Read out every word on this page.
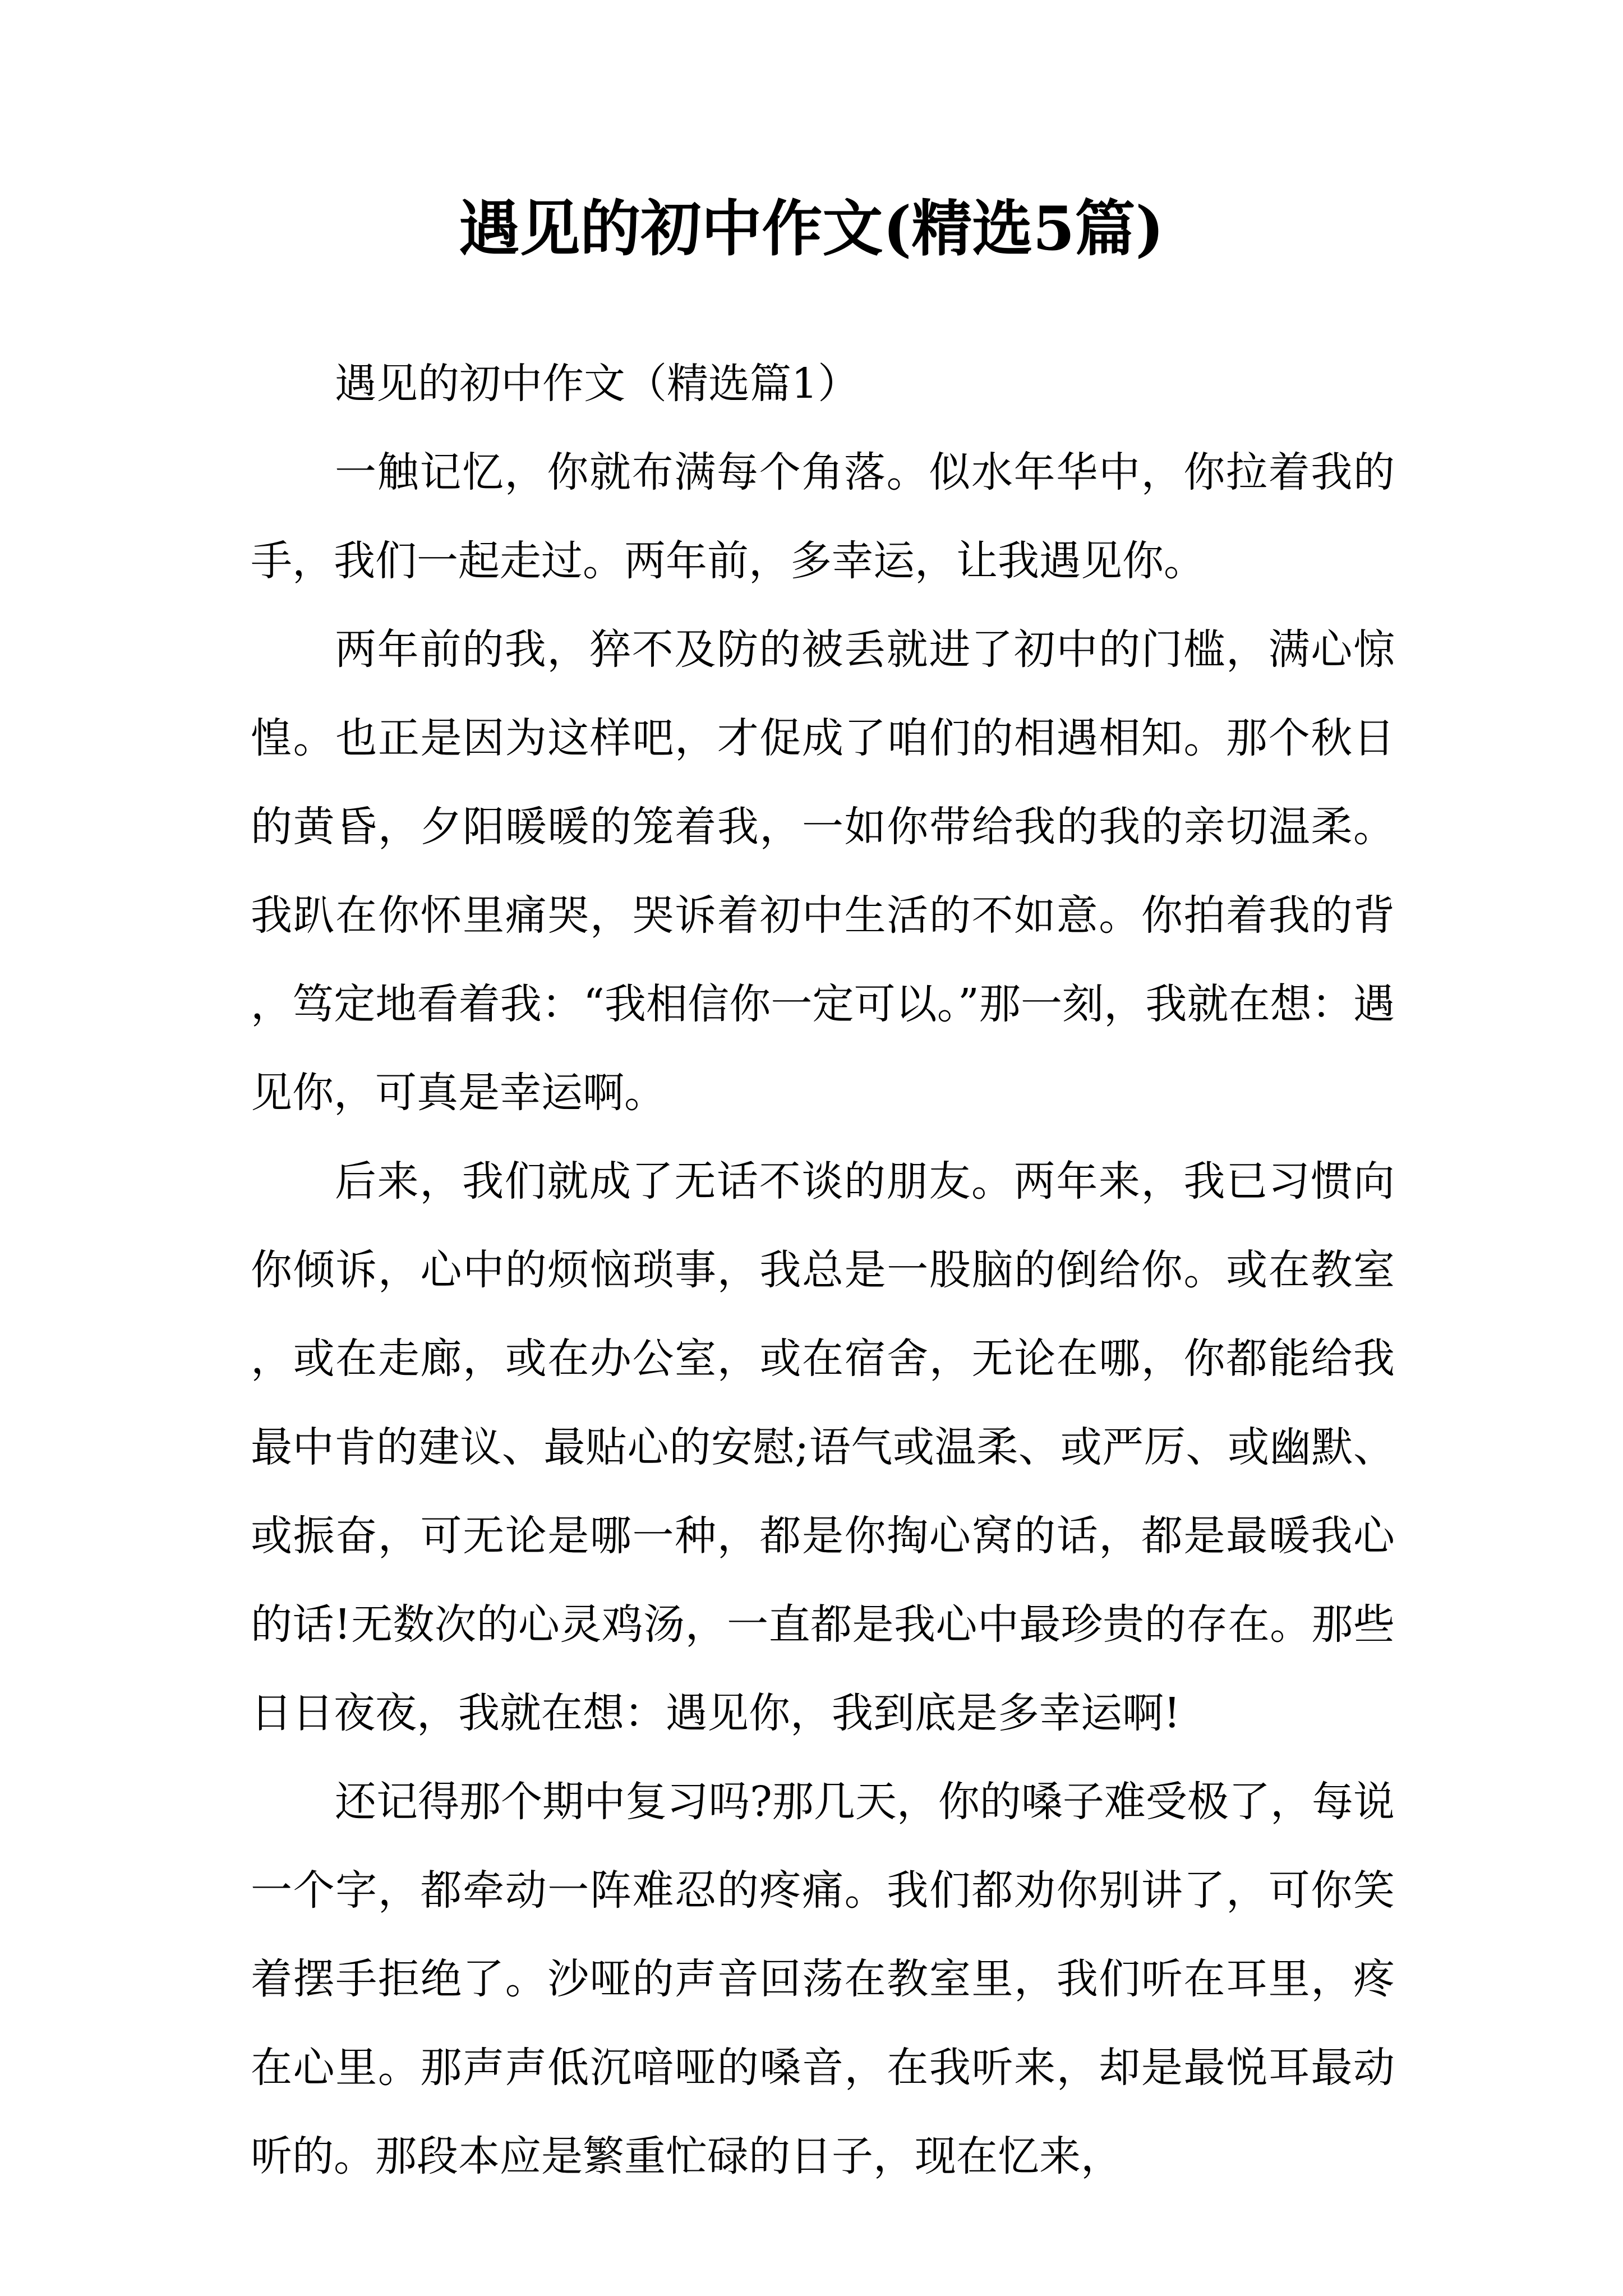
遇见的初中作文(精选5篇)

遇见的初中作文（精选篇1）

一触记忆，你就布满每个角落。似水年华中，你拉着我的手，我们一起走过。两年前，多幸运，让我遇见你。

两年前的我，猝不及防的被丢就进了初中的门槛，满心惊惶。也正是因为这样吧，才促成了咱们的相遇相知。那个秋日的黄昏，夕阳暖暖的笼着我，一如你带给我的我的亲切温柔。我趴在你怀里痛哭，哭诉着初中生活的不如意。你拍着我的背，笃定地看着我：“我相信你一定可以。”那一刻，我就在想：遇见你，可真是幸运啊。

后来，我们就成了无话不谈的朋友。两年来，我已习惯向你倾诉，心中的烦恼琐事，我总是一股脑的倒给你。或在教室，或在走廊，或在办公室，或在宿舍，无论在哪，你都能给我最中肯的建议、最贴心的安慰;语气或温柔、或严厉、或幽默、或振奋，可无论是哪一种，都是你掏心窝的话，都是最暖我心的话!无数次的心灵鸡汤，一直都是我心中最珍贵的存在。那些日日夜夜，我就在想：遇见你，我到底是多幸运啊!

还记得那个期中复习吗?那几天，你的嗓子难受极了，每说一个字，都牵动一阵难忍的疼痛。我们都劝你别讲了，可你笑着摆手拒绝了。沙哑的声音回荡在教室里，我们听在耳里，疼在心里。那声声低沉喑哑的嗓音，在我听来，却是最悦耳最动听的。那段本应是繁重忙碌的日子，现在忆来，
